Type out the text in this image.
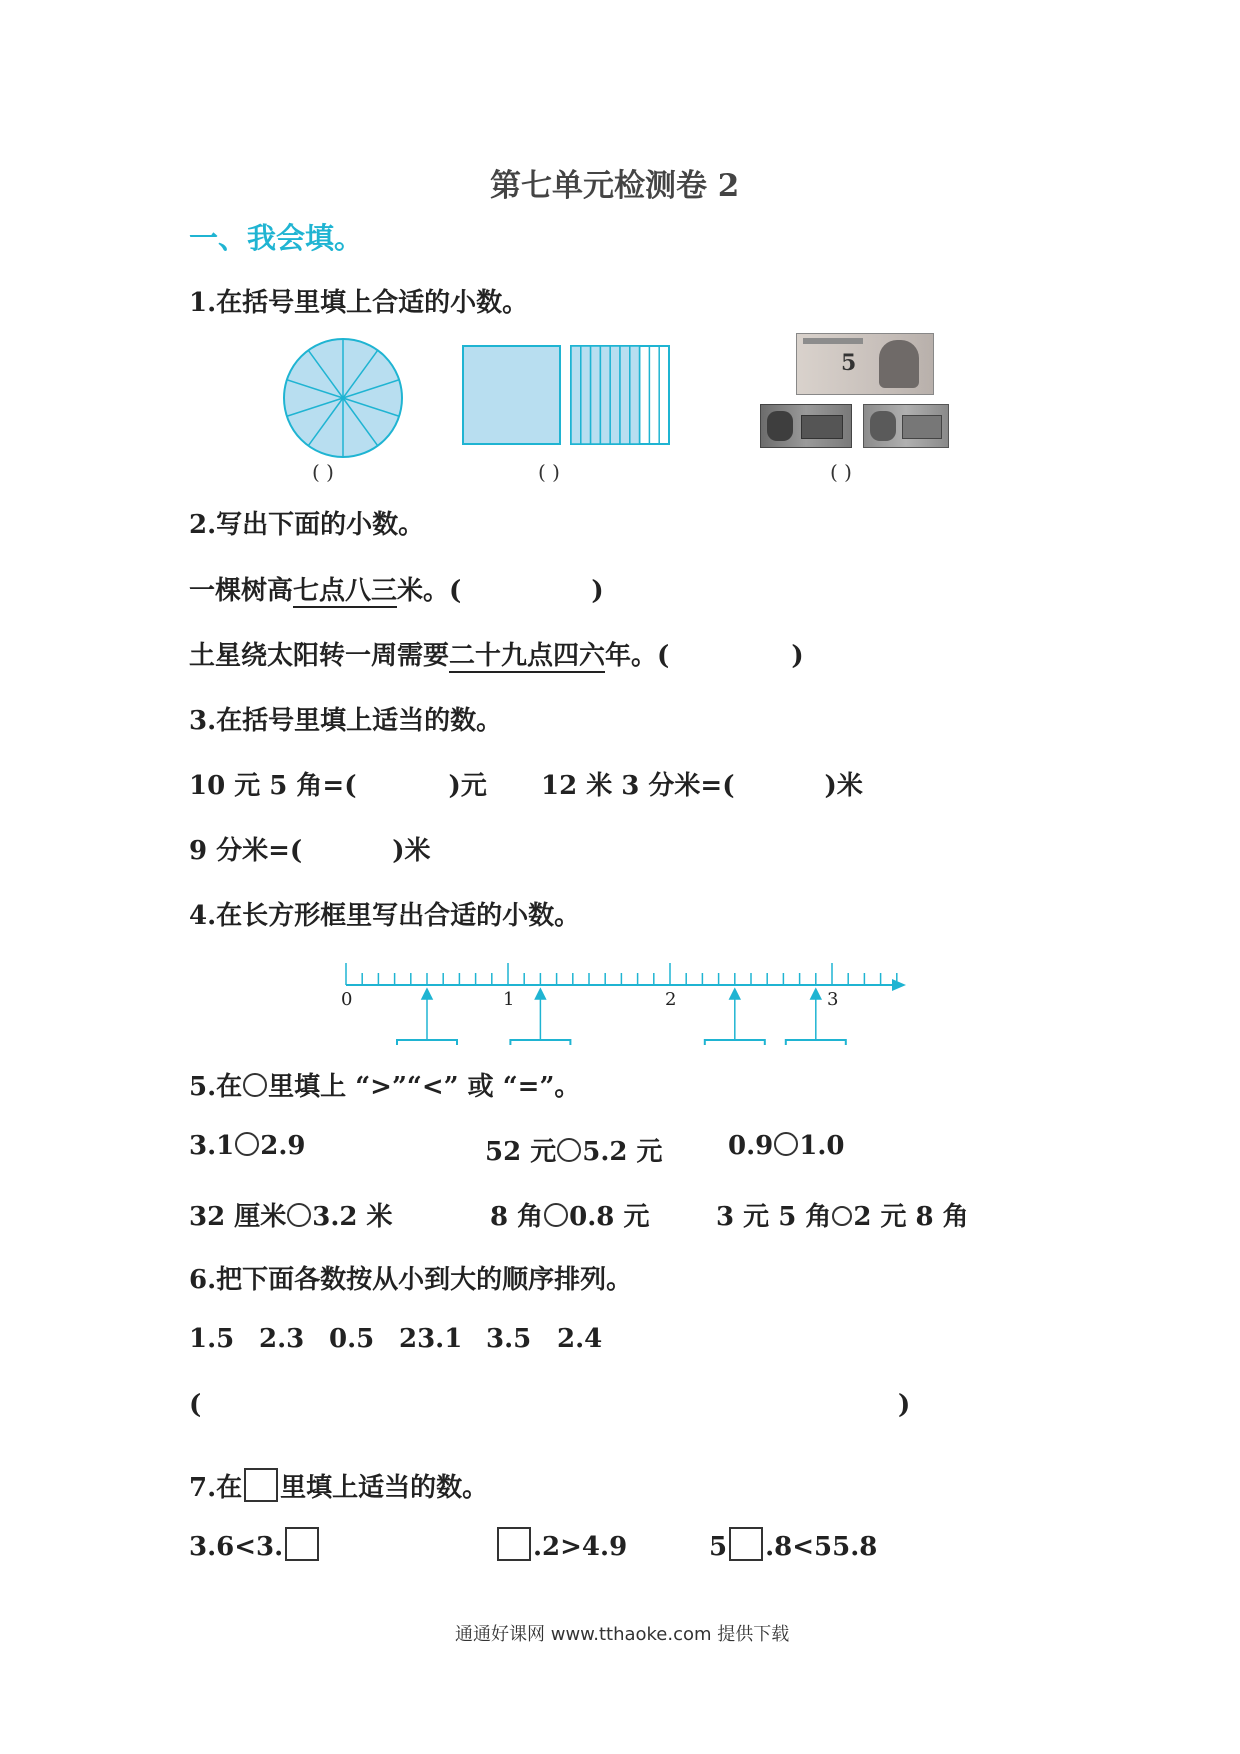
第七单元检测卷 2
一、我会填。
1.在括号里填上合适的小数。
( )	( )
5
( )
2.写出下面的小数。
一棵树高七点八三米。(	)
土星绕太阳转一周需要二十九点四六年。(	)
3.在括号里填上适当的数。
10 元 5 角=(	)元 12 米 3 分米=(	)米
9 分米=(	)米
4.在长方形框里写出合适的小数。
0	1	2	3
5.在 里填上 “>”“<” 或 “=”。
3.1 2.9	52 元 5.2 元	0.9 1.0
32 厘米 3.2 米	8 角 0.8 元	3 元 5 角 2 元 8 角
6.把下面各数按从小到大的顺序排列。
1.5 2.3 0.5 23.1 3.5 2.4
(	)
7.在 里填上适当的数。
3.6<3.	.2>4.9	5 .8<55.8
通通好课网 www.tthaoke.com 提供下载
